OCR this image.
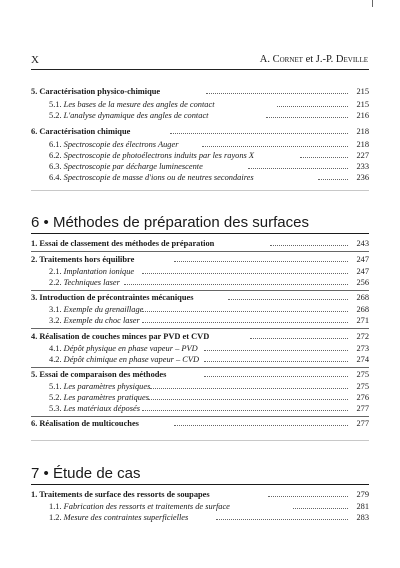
X	A. Cornet et J.-P. Deville
5. Caractérisation physico-chimique	215
5.1. Les bases de la mesure des angles de contact	215
5.2. L'analyse dynamique des angles de contact	216
6. Caractérisation chimique	218
6.1. Spectroscopie des électrons Auger	218
6.2. Spectroscopie de photoélectrons induits par les rayons X	227
6.3. Spectroscopie par décharge luminescente	233
6.4. Spectroscopie de masse d'ions ou de neutres secondaires	236
6 • Méthodes de préparation des surfaces
1. Essai de classement des méthodes de préparation	243
2. Traitements hors équilibre	247
2.1. Implantation ionique	247
2.2. Techniques laser	256
3. Introduction de précontraintes mécaniques	268
3.1. Exemple du grenaillage	268
3.2. Exemple du choc laser	271
4. Réalisation de couches minces par PVD et CVD	272
4.1. Dépôt physique en phase vapeur – PVD	273
4.2. Dépôt chimique en phase vapeur – CVD	274
5. Essai de comparaison des méthodes	275
5.1. Les paramètres physiques	275
5.2. Les paramètres pratiques	276
5.3. Les matériaux déposés	277
6. Réalisation de multicouches	277
7 • Étude de cas
1. Traitements de surface des ressorts de soupapes	279
1.1. Fabrication des ressorts et traitements de surface	281
1.2. Mesure des contraintes superficielles	283
